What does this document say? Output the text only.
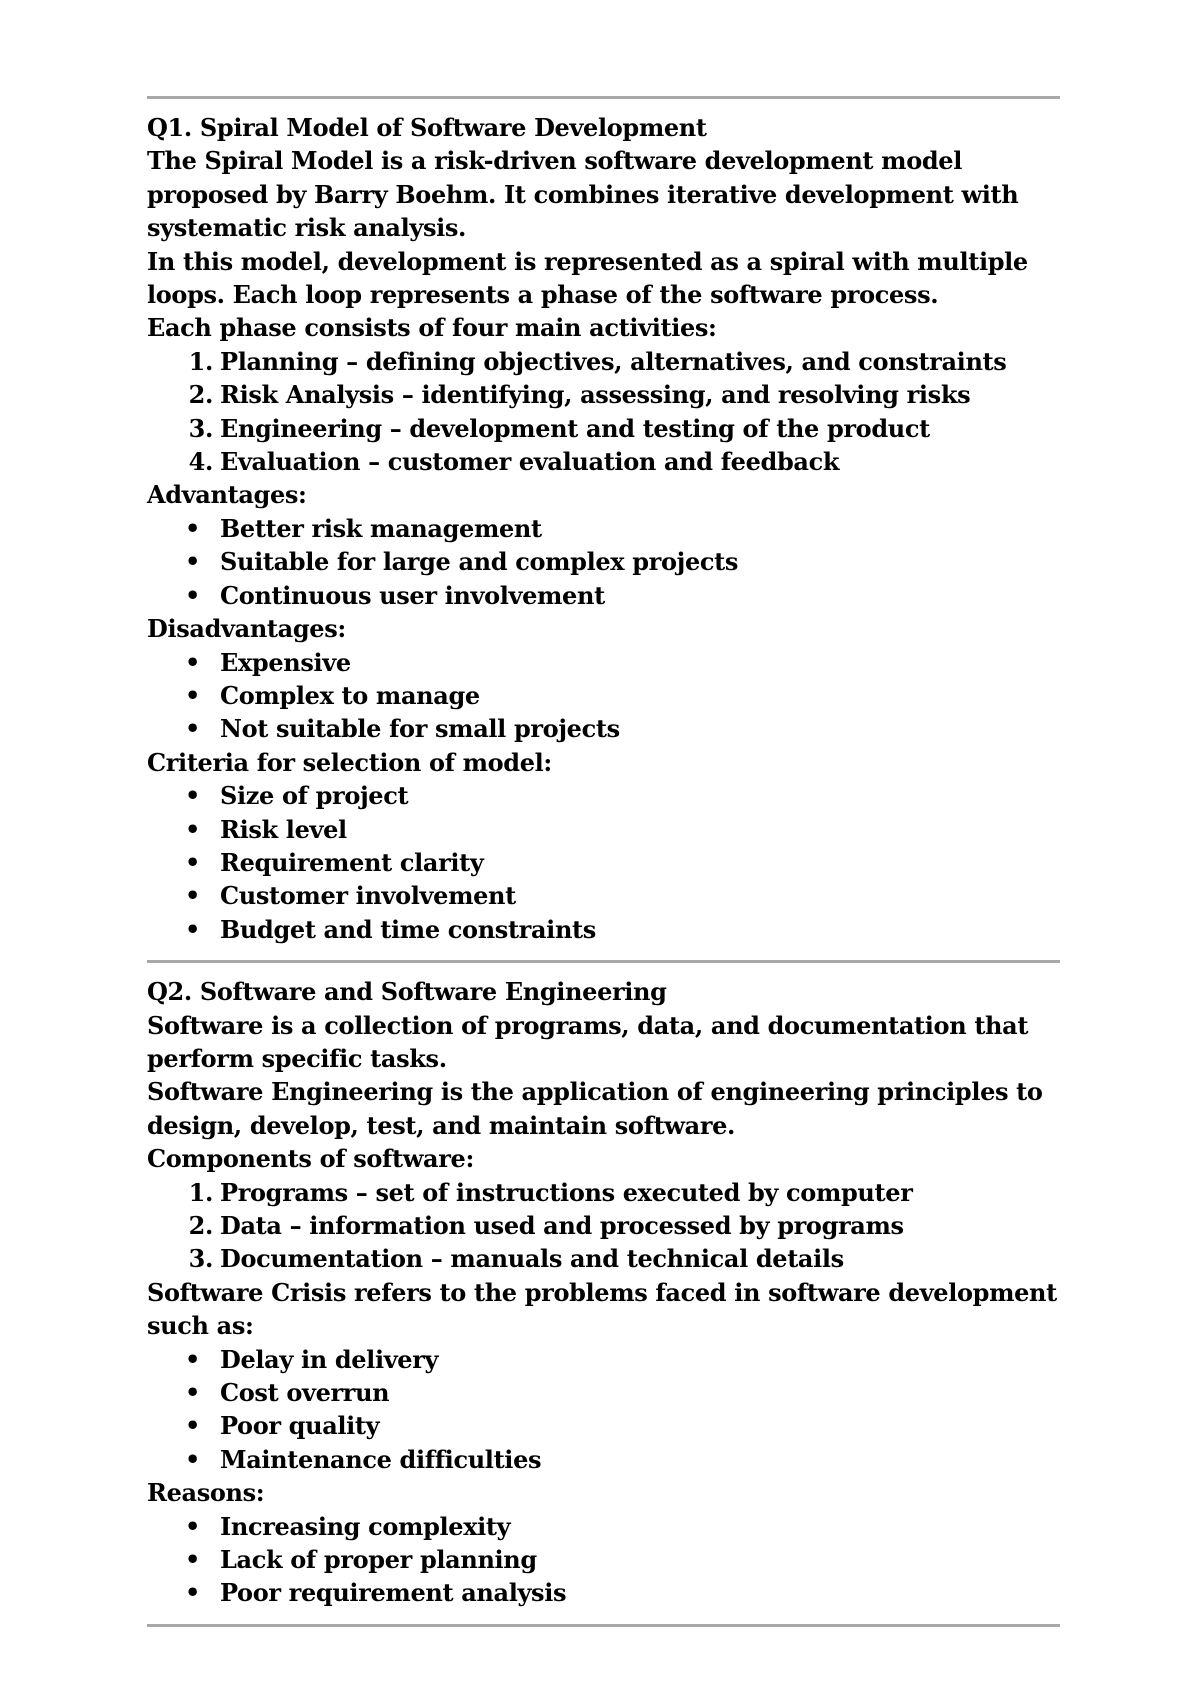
Q1. Spiral Model of Software Development

The Spiral Model is a risk-driven software development model

proposed by Barry Boehm. It combines iterative development with

systematic risk analysis.

In this model, development is represented as a spiral with multiple

loops. Each loop represents a phase of the software process.

Each phase consists of four main activities:

1. Planning – defining objectives, alternatives, and constraints
2. Risk Analysis – identifying, assessing, and resolving risks
3. Engineering – development and testing of the product
4. Evaluation – customer evaluation and feedback

Advantages:

• Better risk management
• Suitable for large and complex projects
• Continuous user involvement

Disadvantages:

• Expensive
• Complex to manage
• Not suitable for small projects

Criteria for selection of model:

• Size of project
• Risk level
• Requirement clarity
• Customer involvement
• Budget and time constraints

Q2. Software and Software Engineering

Software is a collection of programs, data, and documentation that

perform specific tasks.

Software Engineering is the application of engineering principles to

design, develop, test, and maintain software.

Components of software:

1. Programs – set of instructions executed by computer
2. Data – information used and processed by programs
3. Documentation – manuals and technical details

Software Crisis refers to the problems faced in software development

such as:

• Delay in delivery
• Cost overrun
• Poor quality
• Maintenance difficulties

Reasons:

• Increasing complexity
• Lack of proper planning
• Poor requirement analysis
